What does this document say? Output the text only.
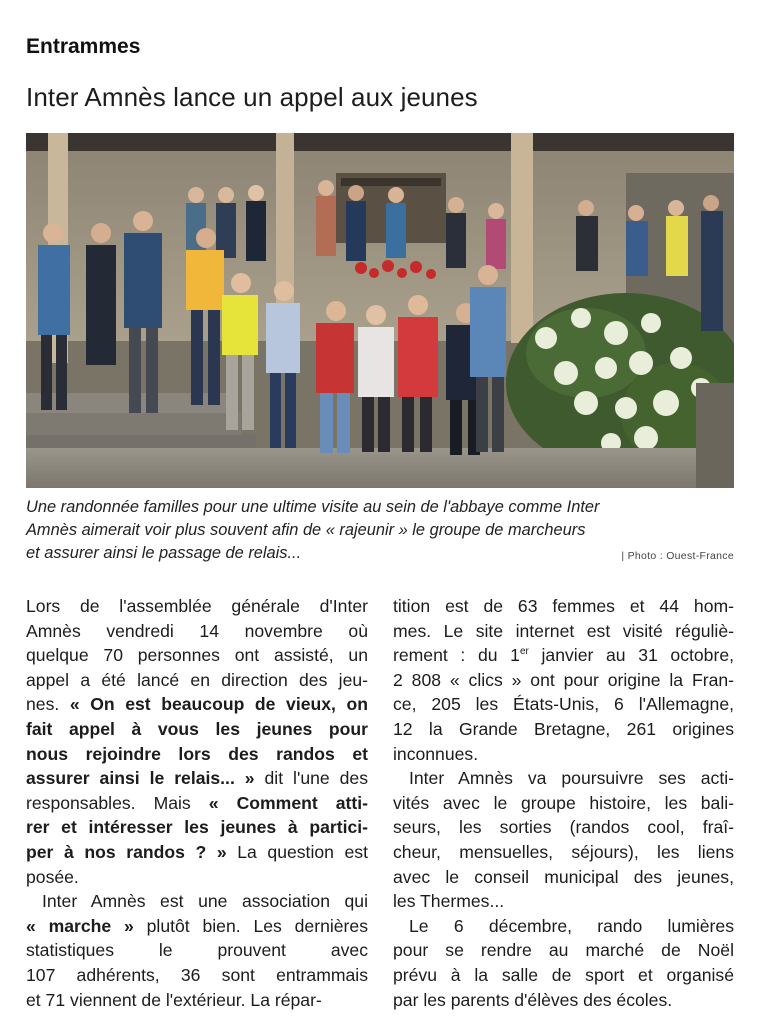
Entrammes
Inter Amnès lance un appel aux jeunes
Une randonnée familles pour une ultime visite au sein de l'abbaye comme Inter
Amnès aimerait voir plus souvent afin de « rajeunir » le groupe de marcheurs
et assurer ainsi le passage de relais...	| Photo : Ouest-France
Lors de l'assemblée générale d'Inter
Amnès vendredi 14 novembre où
quelque 70 personnes ont assisté, un
appel a été lancé en direction des jeu-
nes. « On est beaucoup de vieux, on
fait appel à vous les jeunes pour
nous rejoindre lors des randos et
assurer ainsi le relais... » dit l'une des
responsables. Mais « Comment atti-
rer et intéresser les jeunes à partici-
per à nos randos ? » La question est
posée.
Inter Amnès est une association qui
« marche » plutôt bien. Les dernières
statistiques le prouvent avec
107 adhérents, 36 sont entrammais
et 71 viennent de l'extérieur. La répar-
tition est de 63 femmes et 44 hom-
mes. Le site internet est visité réguliè-
rement : du 1er janvier au 31 octobre,
2 808 « clics » ont pour origine la Fran-
ce, 205 les États-Unis, 6 l'Allemagne,
12 la Grande Bretagne, 261 origines
inconnues.
Inter Amnès va poursuivre ses acti-
vités avec le groupe histoire, les bali-
seurs, les sorties (randos cool, fraî-
cheur, mensuelles, séjours), les liens
avec le conseil municipal des jeunes,
les Thermes...
Le 6 décembre, rando lumières
pour se rendre au marché de Noël
prévu à la salle de sport et organisé
par les parents d'élèves des écoles.
